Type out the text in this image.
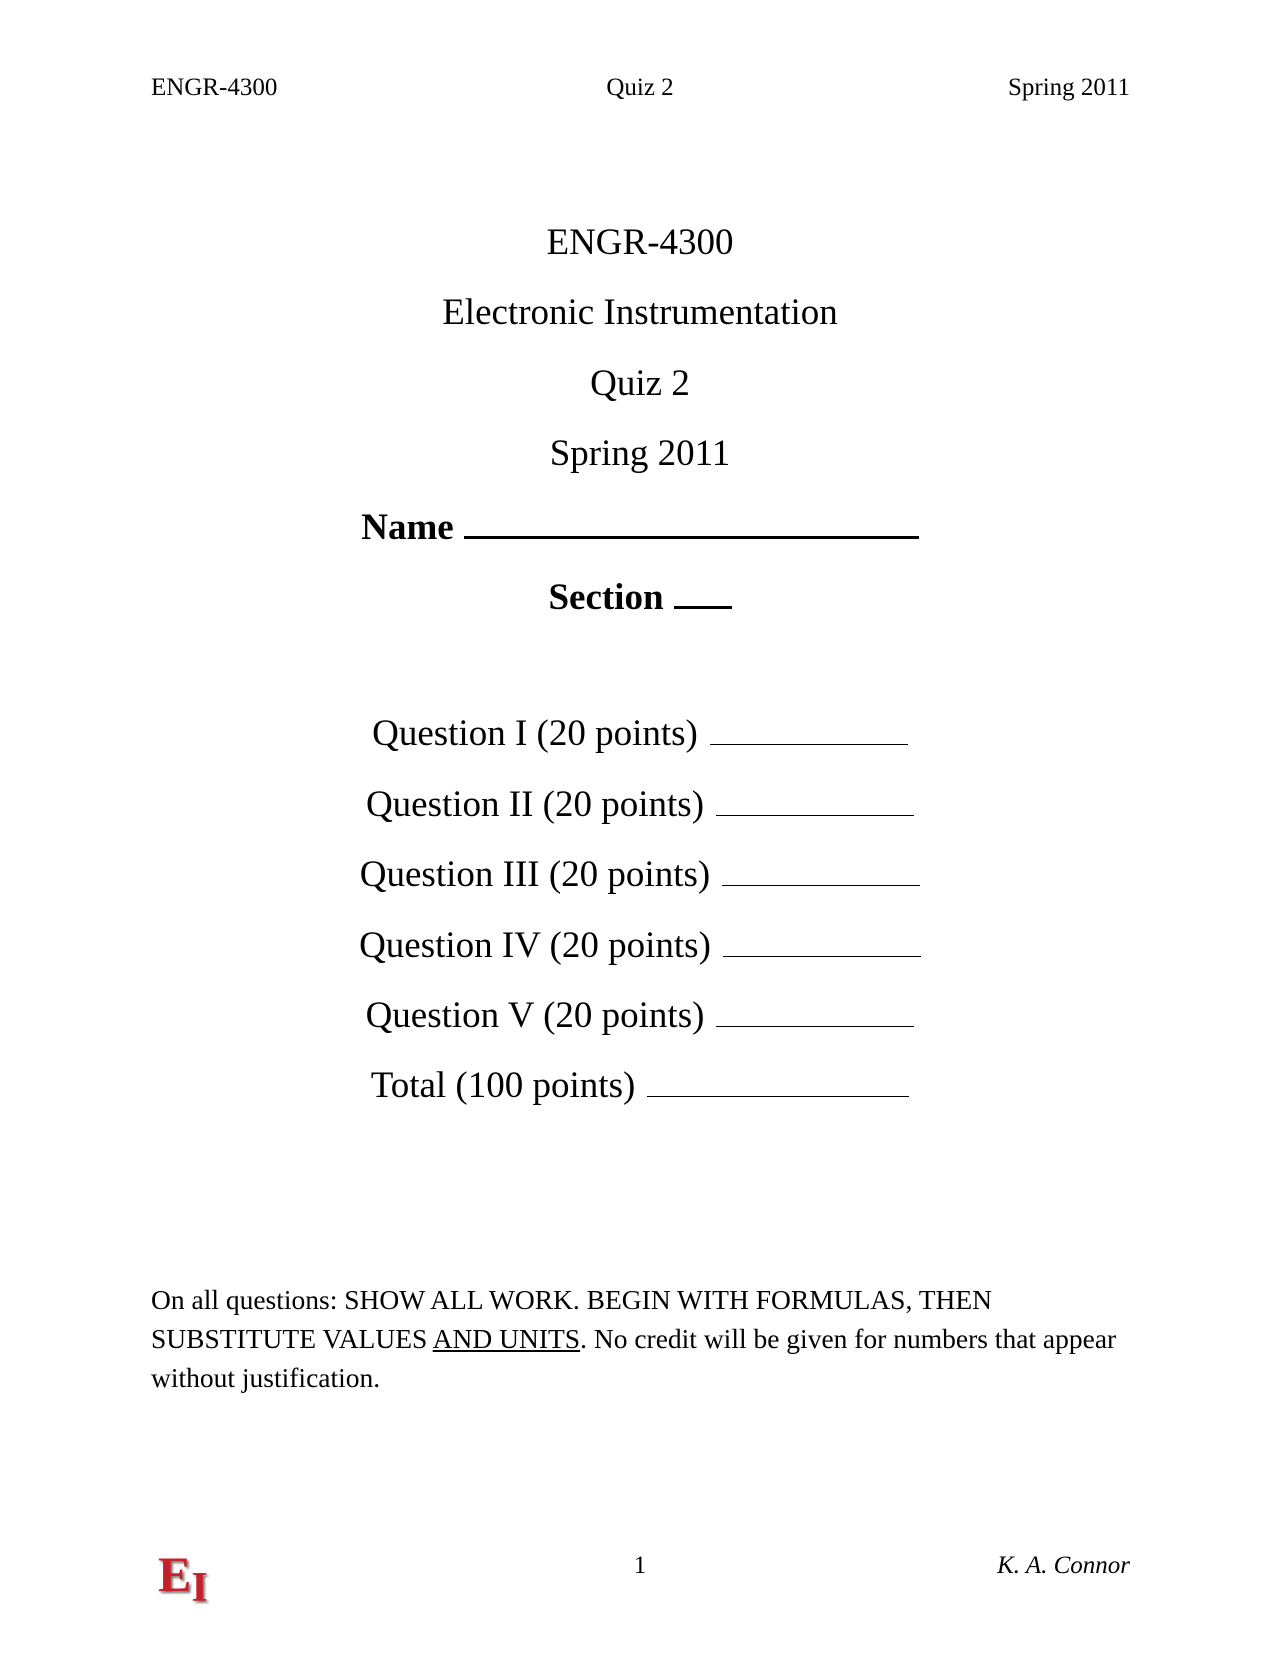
ENGR-4300	Quiz 2	Spring 2011
ENGR-4300
Electronic Instrumentation
Quiz 2
Spring 2011
Name
Section
Question I (20 points)
Question II (20 points)
Question III (20 points)
Question IV (20 points)
Question V (20 points)
Total (100 points)
On all questions: SHOW ALL WORK. BEGIN WITH FORMULAS, THEN SUBSTITUTE VALUES AND UNITS. No credit will be given for numbers that appear without justification.
EI	1	K. A. Connor
